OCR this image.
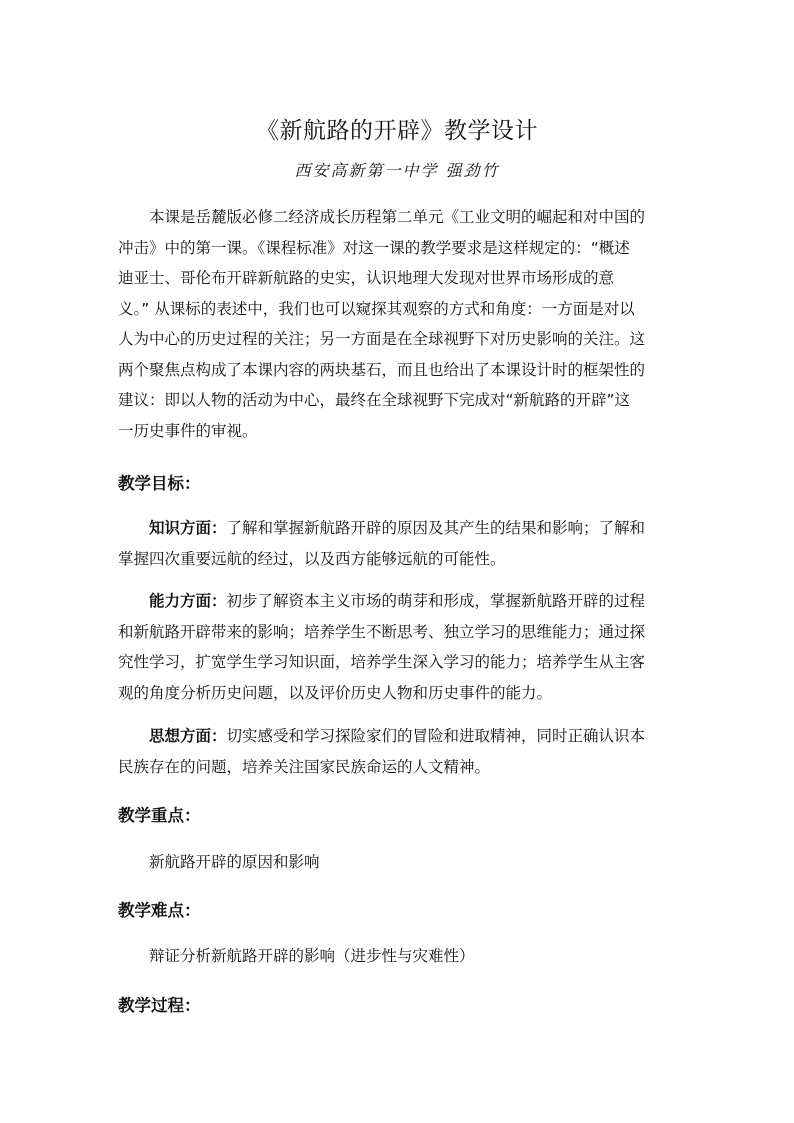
《新航路的开辟》教学设计
西安高新第一中学 强劲竹
本课是岳麓版必修二经济成长历程第二单元《工业文明的崛起和对中国的
冲击》中的第一课。《课程标准》对这一课的教学要求是这样规定的：“概述
迪亚士、哥伦布开辟新航路的史实，认识地理大发现对世界市场形成的意
义。” 从课标的表述中，我们也可以窥探其观察的方式和角度：一方面是对以
人为中心的历史过程的关注；另一方面是在全球视野下对历史影响的关注。这
两个聚焦点构成了本课内容的两块基石，而且也给出了本课设计时的框架性的
建议：即以人物的活动为中心，最终在全球视野下完成对“新航路的开辟”这
一历史事件的审视。
教学目标：
知识方面：了解和掌握新航路开辟的原因及其产生的结果和影响；了解和
掌握四次重要远航的经过，以及西方能够远航的可能性。
能力方面：初步了解资本主义市场的萌芽和形成，掌握新航路开辟的过程
和新航路开辟带来的影响；培养学生不断思考、独立学习的思维能力；通过探
究性学习，扩宽学生学习知识面，培养学生深入学习的能力；培养学生从主客
观的角度分析历史问题，以及评价历史人物和历史事件的能力。
思想方面：切实感受和学习探险家们的冒险和进取精神，同时正确认识本
民族存在的问题，培养关注国家民族命运的人文精神。
教学重点：
新航路开辟的原因和影响
教学难点：
辩证分析新航路开辟的影响（进步性与灾难性）
教学过程：
